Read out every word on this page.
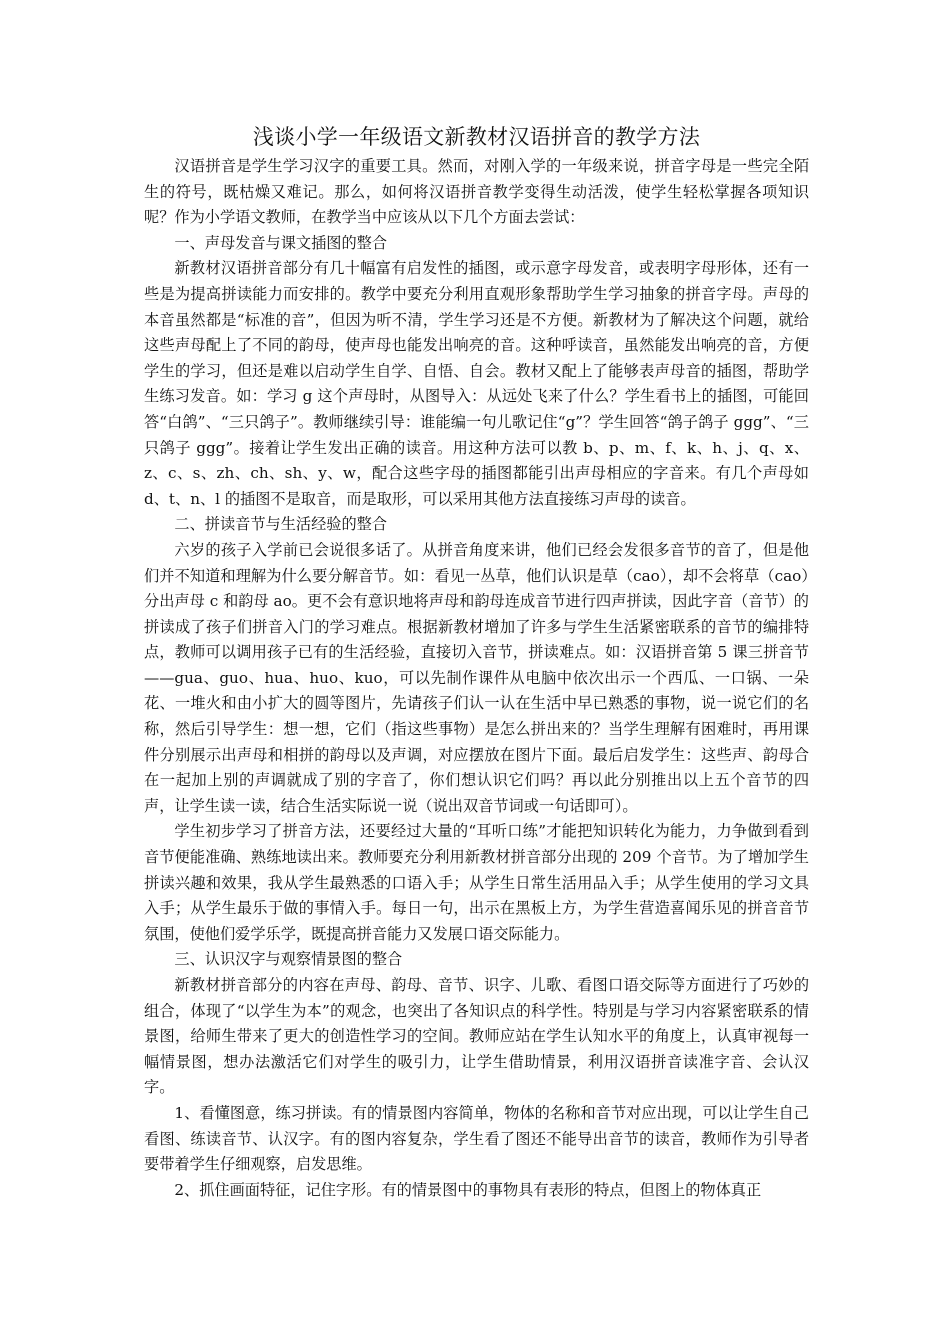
浅谈小学一年级语文新教材汉语拼音的教学方法

汉语拼音是学生学习汉字的重要工具。然而，对刚入学的一年级来说，拼音字母是一些完全陌生的符号，既枯燥又难记。那么，如何将汉语拼音教学变得生动活泼，使学生轻松掌握各项知识呢？作为小学语文教师，在教学当中应该从以下几个方面去尝试：

一、声母发音与课文插图的整合

新教材汉语拼音部分有几十幅富有启发性的插图，或示意字母发音，或表明字母形体，还有一些是为提高拼读能力而安排的。教学中要充分利用直观形象帮助学生学习抽象的拼音字母。声母的本音虽然都是“标准的音”，但因为听不清，学生学习还是不方便。新教材为了解决这个问题，就给这些声母配上了不同的韵母，使声母也能发出响亮的音。这种呼读音，虽然能发出响亮的音，方便学生的学习，但还是难以启动学生自学、自悟、自会。教材又配上了能够表声母音的插图，帮助学生练习发音。如：学习 g 这个声母时，从图导入：从远处飞来了什么？学生看书上的插图，可能回答“白鸽”、“三只鸽子”。教师继续引导：谁能编一句儿歌记住“g”？学生回答“鸽子鸽子 ggg”、“三只鸽子 ggg”。接着让学生发出正确的读音。用这种方法可以教 b、p、m、f、k、h、j、q、x、z、c、s、zh、ch、sh、y、w，配合这些字母的插图都能引出声母相应的字音来。有几个声母如 d、t、n、l 的插图不是取音，而是取形，可以采用其他方法直接练习声母的读音。

二、拼读音节与生活经验的整合

六岁的孩子入学前已会说很多话了。从拼音角度来讲，他们已经会发很多音节的音了，但是他们并不知道和理解为什么要分解音节。如：看见一丛草，他们认识是草（cao），却不会将草（cao）分出声母 c 和韵母 ao。更不会有意识地将声母和韵母连成音节进行四声拼读，因此字音（音节）的拼读成了孩子们拼音入门的学习难点。根据新教材增加了许多与学生生活紧密联系的音节的编排特点，教师可以调用孩子已有的生活经验，直接切入音节，拼读难点。如：汉语拼音第 5 课三拼音节——gua、guo、hua、huo、kuo，可以先制作课件从电脑中依次出示一个西瓜、一口锅、一朵花、一堆火和由小扩大的圆等图片，先请孩子们认一认在生活中早已熟悉的事物，说一说它们的名称，然后引导学生：想一想，它们（指这些事物）是怎么拼出来的？当学生理解有困难时，再用课件分别展示出声母和相拼的韵母以及声调，对应摆放在图片下面。最后启发学生：这些声、韵母合在一起加上别的声调就成了别的字音了，你们想认识它们吗？再以此分别推出以上五个音节的四声，让学生读一读，结合生活实际说一说（说出双音节词或一句话即可）。

学生初步学习了拼音方法，还要经过大量的“耳听口练”才能把知识转化为能力，力争做到看到音节便能准确、熟练地读出来。教师要充分利用新教材拼音部分出现的 209 个音节。为了增加学生拼读兴趣和效果，我从学生最熟悉的口语入手；从学生日常生活用品入手；从学生使用的学习文具入手；从学生最乐于做的事情入手。每日一句，出示在黑板上方，为学生营造喜闻乐见的拼音音节氛围，使他们爱学乐学，既提高拼音能力又发展口语交际能力。

三、认识汉字与观察情景图的整合

新教材拼音部分的内容在声母、韵母、音节、识字、儿歌、看图口语交际等方面进行了巧妙的组合，体现了“以学生为本”的观念，也突出了各知识点的科学性。特别是与学习内容紧密联系的情景图，给师生带来了更大的创造性学习的空间。教师应站在学生认知水平的角度上，认真审视每一幅情景图，想办法激活它们对学生的吸引力，让学生借助情景，利用汉语拼音读准字音、会认汉字。

1、看懂图意，练习拼读。有的情景图内容简单，物体的名称和音节对应出现，可以让学生自己看图、练读音节、认汉字。有的图内容复杂，学生看了图还不能导出音节的读音，教师作为引导者要带着学生仔细观察，启发思维。

2、抓住画面特征，记住字形。有的情景图中的事物具有表形的特点，但图上的物体真正
